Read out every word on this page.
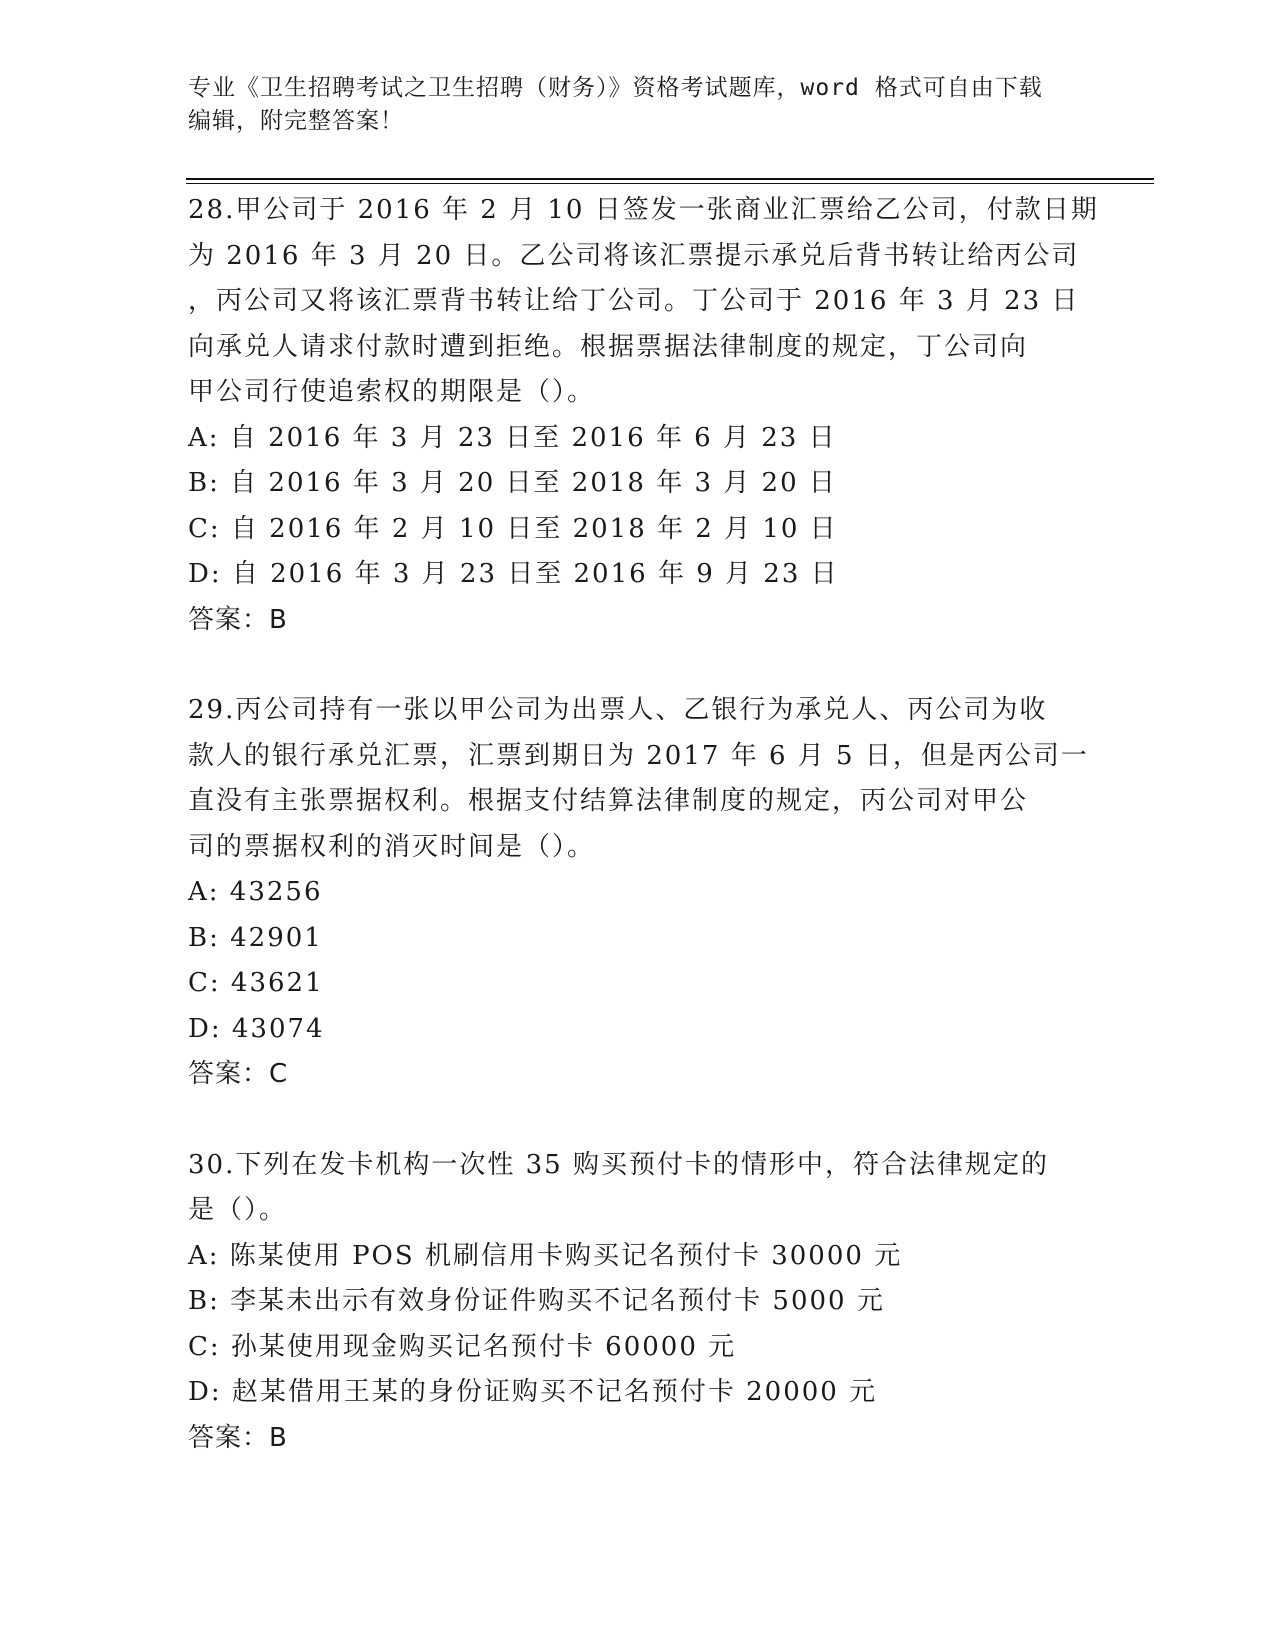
专业《卫生招聘考试之卫生招聘（财务）》资格考试题库，word 格式可自由下载
编辑，附完整答案！
28.甲公司于 2016 年 2 月 10 日签发一张商业汇票给乙公司，付款日期
为 2016 年 3 月 20 日。乙公司将该汇票提示承兑后背书转让给丙公司
，丙公司又将该汇票背书转让给丁公司。丁公司于 2016 年 3 月 23 日
向承兑人请求付款时遭到拒绝。根据票据法律制度的规定，丁公司向
甲公司行使追索权的期限是（）。
A: 自 2016 年 3 月 23 日至 2016 年 6 月 23 日
B: 自 2016 年 3 月 20 日至 2018 年 3 月 20 日
C: 自 2016 年 2 月 10 日至 2018 年 2 月 10 日
D: 自 2016 年 3 月 23 日至 2016 年 9 月 23 日
答案：B
29.丙公司持有一张以甲公司为出票人、乙银行为承兑人、丙公司为收
款人的银行承兑汇票，汇票到期日为 2017 年 6 月 5 日，但是丙公司一
直没有主张票据权利。根据支付结算法律制度的规定，丙公司对甲公
司的票据权利的消灭时间是（）。
A: 43256
B: 42901
C: 43621
D: 43074
答案：C
30.下列在发卡机构一次性 35 购买预付卡的情形中，符合法律规定的
是（）。
A: 陈某使用 POS 机刷信用卡购买记名预付卡 30000 元
B: 李某未出示有效身份证件购买不记名预付卡 5000 元
C: 孙某使用现金购买记名预付卡 60000 元
D: 赵某借用王某的身份证购买不记名预付卡 20000 元
答案：B
